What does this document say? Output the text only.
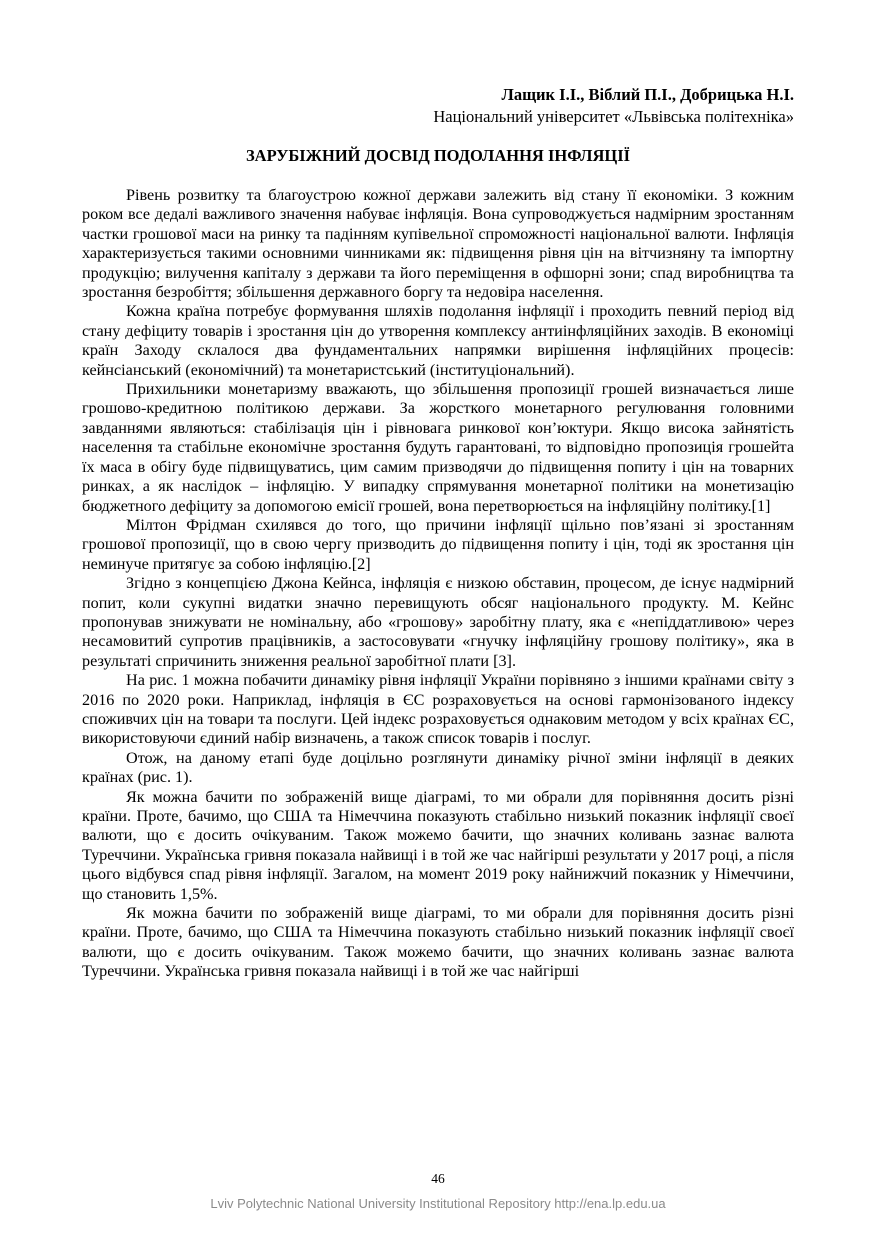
Лащик І.І., Віблий П.І., Добрицька Н.І.
Національний університет «Львівська політехніка»
ЗАРУБІЖНИЙ ДОСВІД ПОДОЛАННЯ ІНФЛЯЦІЇ

Рівень розвитку та благоустрою кожної держави залежить від стану її економіки. З кожним роком все дедалі важливого значення набуває інфляція. Вона супроводжується надмірним зростанням частки грошової маси на ринку та падінням купівельної спроможності національної валюти. Інфляція характеризується такими основними чинниками як: підвищення рівня цін на вітчизняну та імпортну продукцію; вилучення капіталу з держави та його переміщення в офшорні зони; спад виробництва та зростання безробіття; збільшення державного боргу та недовіра населення.

Кожна країна потребує формування шляхів подолання інфляції і проходить певний період від стану дефіциту товарів і зростання цін до утворення комплексу антиінфляційних заходів. В економіці країн Заходу склалося два фундаментальних напрямки вирішення інфляційних процесів: кейнсіанський (економічний) та монетаристський (інституціональний).

Прихильники монетаризму вважають, що збільшення пропозиції грошей визначається лише грошово-кредитною політикою держави. За жорсткого монетарного регулювання головними завданнями являються: стабілізація цін і рівновага ринкової кон’юктури. Якщо висока зайнятість населення та стабільне економічне зростання будуть гарантовані, то відповідно пропозиція грошейта їх маса в обігу буде підвищуватись, цим самим призводячи до підвищення попиту і цін на товарних ринках, а як наслідок – інфляцію. У випадку спрямування монетарної політики на монетизацію бюджетного дефіциту за допомогою емісії грошей, вона перетворюється на інфляційну політику.[1]

Мілтон Фрідман схилявся до того, що причини інфляції щільно пов’язані зі зростанням грошової пропозиції, що в свою чергу призводить до підвищення попиту і цін, тоді як зростання цін неминуче притягує за собою інфляцію.[2]

Згідно з концепцією Джона Кейнса, інфляція є низкою обставин, процесом, де існує надмірний попит, коли сукупні видатки значно перевищують обсяг національного продукту. М. Кейнс пропонував знижувати не номінальну, або «грошову» заробітну плату, яка є «непіддатливою» через несамовитий супротив працівників, а застосовувати «гнучку інфляційну грошову політику», яка в результаті спричинить зниження реальної заробітної плати [3].

На рис. 1 можна побачити динаміку рівня інфляції України порівняно з іншими країнами світу з 2016 по 2020 роки. Наприклад, інфляція в ЄС розраховується на основі гармонізованого індексу споживчих цін на товари та послуги. Цей індекс розраховується однаковим методом у всіх країнах ЄС, використовуючи єдиний набір визначень, а також список товарів і послуг.

Отож, на даному етапі буде доцільно розглянути динаміку річної зміни інфляції в деяких країнах (рис. 1).

Як можна бачити по зображеній вище діаграмі, то ми обрали для порівняння досить різні країни. Проте, бачимо, що США та Німеччина показують стабільно низький показник інфляції своєї валюти, що є досить очікуваним. Також можемо бачити, що значних коливань зазнає валюта Туреччини. Українська гривня показала найвищі і в той же час найгірші результати у 2017 році, а після цього відбувся спад рівня інфляції. Загалом, на момент 2019 року найнижчий показник у Німеччини, що становить 1,5%.

Як можна бачити по зображеній вище діаграмі, то ми обрали для порівняння досить різні країни. Проте, бачимо, що США та Німеччина показують стабільно низький показник інфляції своєї валюти, що є досить очікуваним. Також можемо бачити, що значних коливань зазнає валюта Туреччини. Українська гривня показала найвищі і в той же час найгірші

46
Lviv Polytechnic National University Institutional Repository http://ena.lp.edu.ua
